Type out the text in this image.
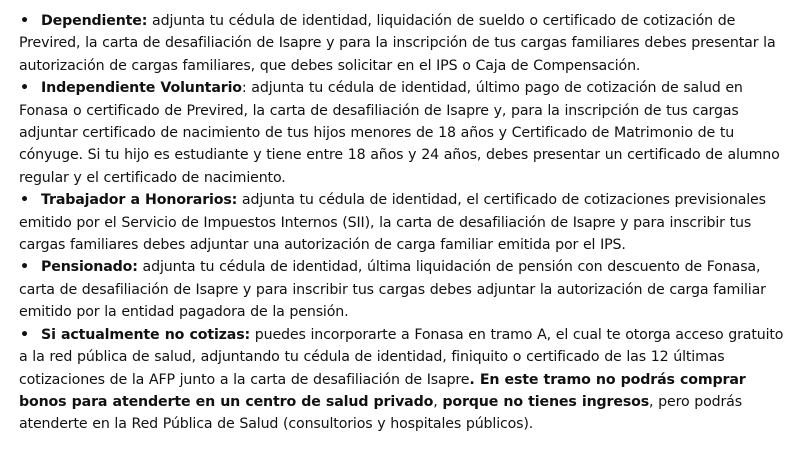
• Dependiente: adjunta tu cédula de identidad, liquidación de sueldo o certificado de cotización de Previred, la carta de desafiliación de Isapre y para la inscripción de tus cargas familiares debes presentar la autorización de cargas familiares, que debes solicitar en el IPS o Caja de Compensación.

• Independiente Voluntario: adjunta tu cédula de identidad, último pago de cotización de salud en Fonasa o certificado de Previred, la carta de desafiliación de Isapre y, para la inscripción de tus cargas adjuntar certificado de nacimiento de tus hijos menores de 18 años y Certificado de Matrimonio de tu cónyuge. Si tu hijo es estudiante y tiene entre 18 años y 24 años, debes presentar un certificado de alumno regular y el certificado de nacimiento.

• Trabajador a Honorarios: adjunta tu cédula de identidad, el certificado de cotizaciones previsionales emitido por el Servicio de Impuestos Internos (SII), la carta de desafiliación de Isapre y para inscribir tus cargas familiares debes adjuntar una autorización de carga familiar emitida por el IPS.

• Pensionado: adjunta tu cédula de identidad, última liquidación de pensión con descuento de Fonasa, carta de desafiliación de Isapre y para inscribir tus cargas debes adjuntar la autorización de carga familiar emitido por la entidad pagadora de la pensión.

• Si actualmente no cotizas: puedes incorporarte a Fonasa en tramo A, el cual te otorga acceso gratuito a la red pública de salud, adjuntando tu cédula de identidad, finiquito o certificado de las 12 últimas cotizaciones de la AFP junto a la carta de desafiliación de Isapre. En este tramo no podrás comprar bonos para atenderte en un centro de salud privado, porque no tienes ingresos, pero podrás atenderte en la Red Pública de Salud (consultorios y hospitales públicos).
